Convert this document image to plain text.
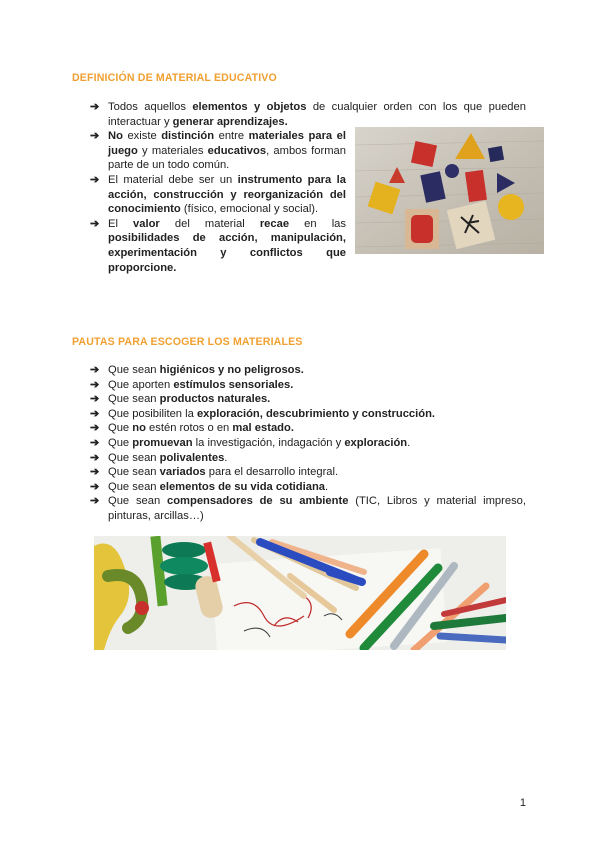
DEFINICIÓN DE MATERIAL EDUCATIVO
➔ Todos aquellos elementos y objetos de cualquier orden con los que pueden interactuar y generar aprendizajes.
➔ No existe distinción entre materiales para el juego y materiales educativos, ambos forman parte de un todo común.
➔ El material debe ser un instrumento para la acción, construcción y reorganización del conocimiento (físico, emocional y social).
➔ El valor del material recae en las posibilidades de acción, manipulación, experimentación y conflictos que proporcione.
PAUTAS PARA ESCOGER LOS MATERIALES
➔ Que sean higiénicos y no peligrosos.
➔ Que aporten estímulos sensoriales.
➔ Que sean productos naturales.
➔ Que posibiliten la exploración, descubrimiento y construcción.
➔ Que no estén rotos o en mal estado.
➔ Que promuevan la investigación, indagación y exploración.
➔ Que sean polivalentes.
➔ Que sean variados para el desarrollo integral.
➔ Que sean elementos de su vida cotidiana.
➔ Que sean compensadores de su ambiente (TIC, Libros y material impreso, pinturas, arcillas…)
1
